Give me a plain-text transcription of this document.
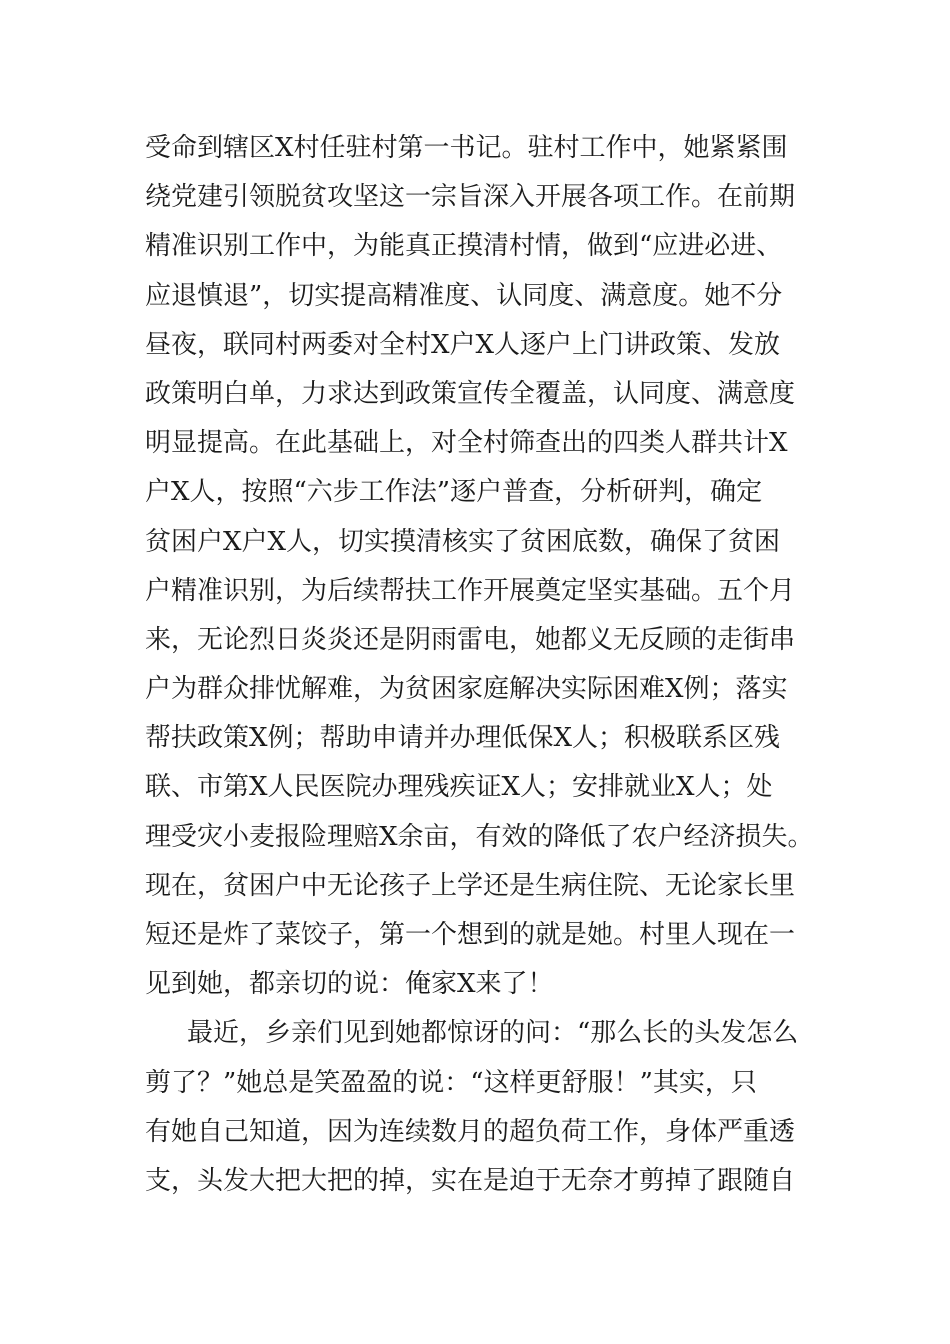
受命到辖区X村任驻村第一书记。驻村工作中，她紧紧围
绕党建引领脱贫攻坚这一宗旨深入开展各项工作。在前期
精准识别工作中，为能真正摸清村情，做到“应进必进、
应退慎退”，切实提高精准度、认同度、满意度。她不分
昼夜，联同村两委对全村X户X人逐户上门讲政策、发放
政策明白单，力求达到政策宣传全覆盖，认同度、满意度
明显提高。在此基础上，对全村筛查出的四类人群共计X
户X人，按照“六步工作法”逐户普查，分析研判，确定
贫困户X户X人，切实摸清核实了贫困底数，确保了贫困
户精准识别，为后续帮扶工作开展奠定坚实基础。五个月
来，无论烈日炎炎还是阴雨雷电，她都义无反顾的走街串
户为群众排忧解难，为贫困家庭解决实际困难X例；落实
帮扶政策X例；帮助申请并办理低保X人；积极联系区残
联、市第X人民医院办理残疾证X人；安排就业X人；处
理受灾小麦报险理赔X余亩，有效的降低了农户经济损失。
现在，贫困户中无论孩子上学还是生病住院、无论家长里
短还是炸了菜饺子，第一个想到的就是她。村里人现在一
见到她，都亲切的说：俺家X来了！
最近，乡亲们见到她都惊讶的问：“那么长的头发怎么
剪了？”她总是笑盈盈的说：“这样更舒服！”其实，只
有她自己知道，因为连续数月的超负荷工作，身体严重透
支，头发大把大把的掉，实在是迫于无奈才剪掉了跟随自
